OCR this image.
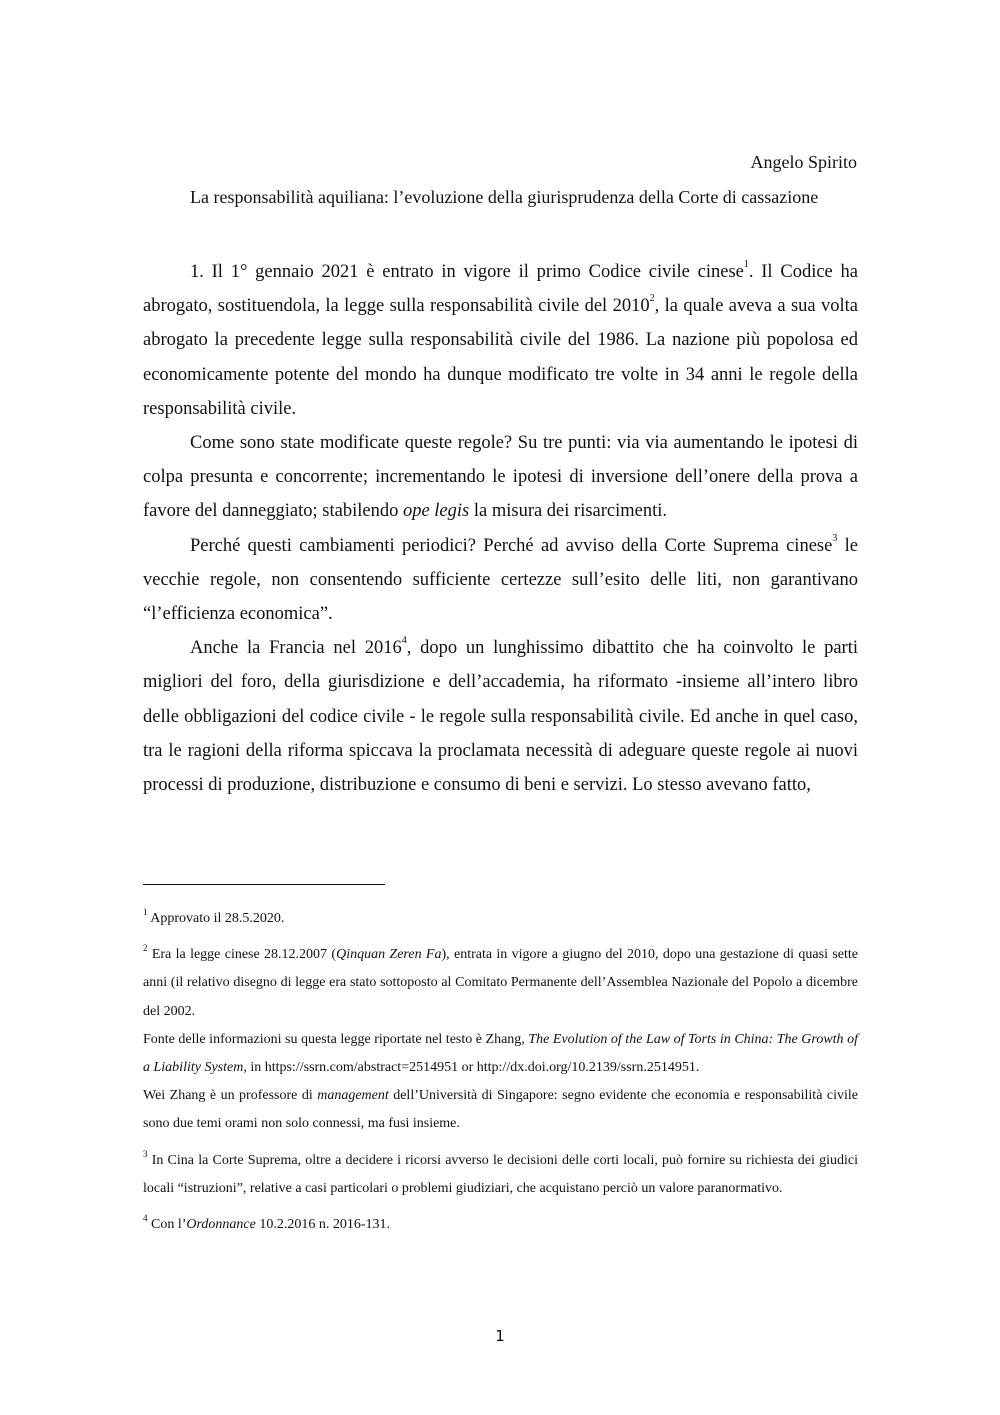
Angelo Spirito
La responsabilità aquiliana: l’evoluzione della giurisprudenza della Corte di cassazione

1. Il 1° gennaio 2021 è entrato in vigore il primo Codice civile cinese$^1$. Il Codice ha abrogato, sostituendola, la legge sulla responsabilità civile del 2010$^2$, la quale aveva a sua volta abrogato la precedente legge sulla responsabilità civile del 1986. La nazione più popolosa ed economicamente potente del mondo ha dunque modificato tre volte in 34 anni le regole della responsabilità civile.

Come sono state modificate queste regole? Su tre punti: via via aumentando le ipotesi di colpa presunta e concorrente; incrementando le ipotesi di inversione dell’onere della prova a favore del danneggiato; stabilendo ope legis la misura dei risarcimenti.

Perché questi cambiamenti periodici? Perché ad avviso della Corte Suprema cinese$^3$ le vecchie regole, non consentendo sufficiente certezze sull’esito delle liti, non garantivano “l’efficienza economica”.

Anche la Francia nel 2016$^4$, dopo un lunghissimo dibattito che ha coinvolto le parti migliori del foro, della giurisdizione e dell’accademia, ha riformato -insieme all’intero libro delle obbligazioni del codice civile - le regole sulla responsabilità civile. Ed anche in quel caso, tra le ragioni della riforma spiccava la proclamata necessità di adeguare queste regole ai nuovi processi di produzione, distribuzione e consumo di beni e servizi. Lo stesso avevano fatto,

$^1$ Approvato il 28.5.2020.

$^2$ Era la legge cinese 28.12.2007 (Qinquan Zeren Fa), entrata in vigore a giugno del 2010, dopo una gestazione di quasi sette anni (il relativo disegno di legge era stato sottoposto al Comitato Permanente dell’Assemblea Nazionale del Popolo a dicembre del 2002.

Fonte delle informazioni su questa legge riportate nel testo è Zhang, The Evolution of the Law of Torts in China: The Growth of a Liability System, in https://ssrn.com/abstract=2514951 or http://dx.doi.org/10.2139/ssrn.2514951.

Wei Zhang è un professore di management dell’Università di Singapore: segno evidente che economia e responsabilità civile sono due temi orami non solo connessi, ma fusi insieme.

$^3$ In Cina la Corte Suprema, oltre a decidere i ricorsi avverso le decisioni delle corti locali, può fornire su richiesta dei giudici locali “istruzioni”, relative a casi particolari o problemi giudiziari, che acquistano perciò un valore paranormativo.

$^4$ Con l’Ordonnance 10.2.2016 n. 2016-131.

1
